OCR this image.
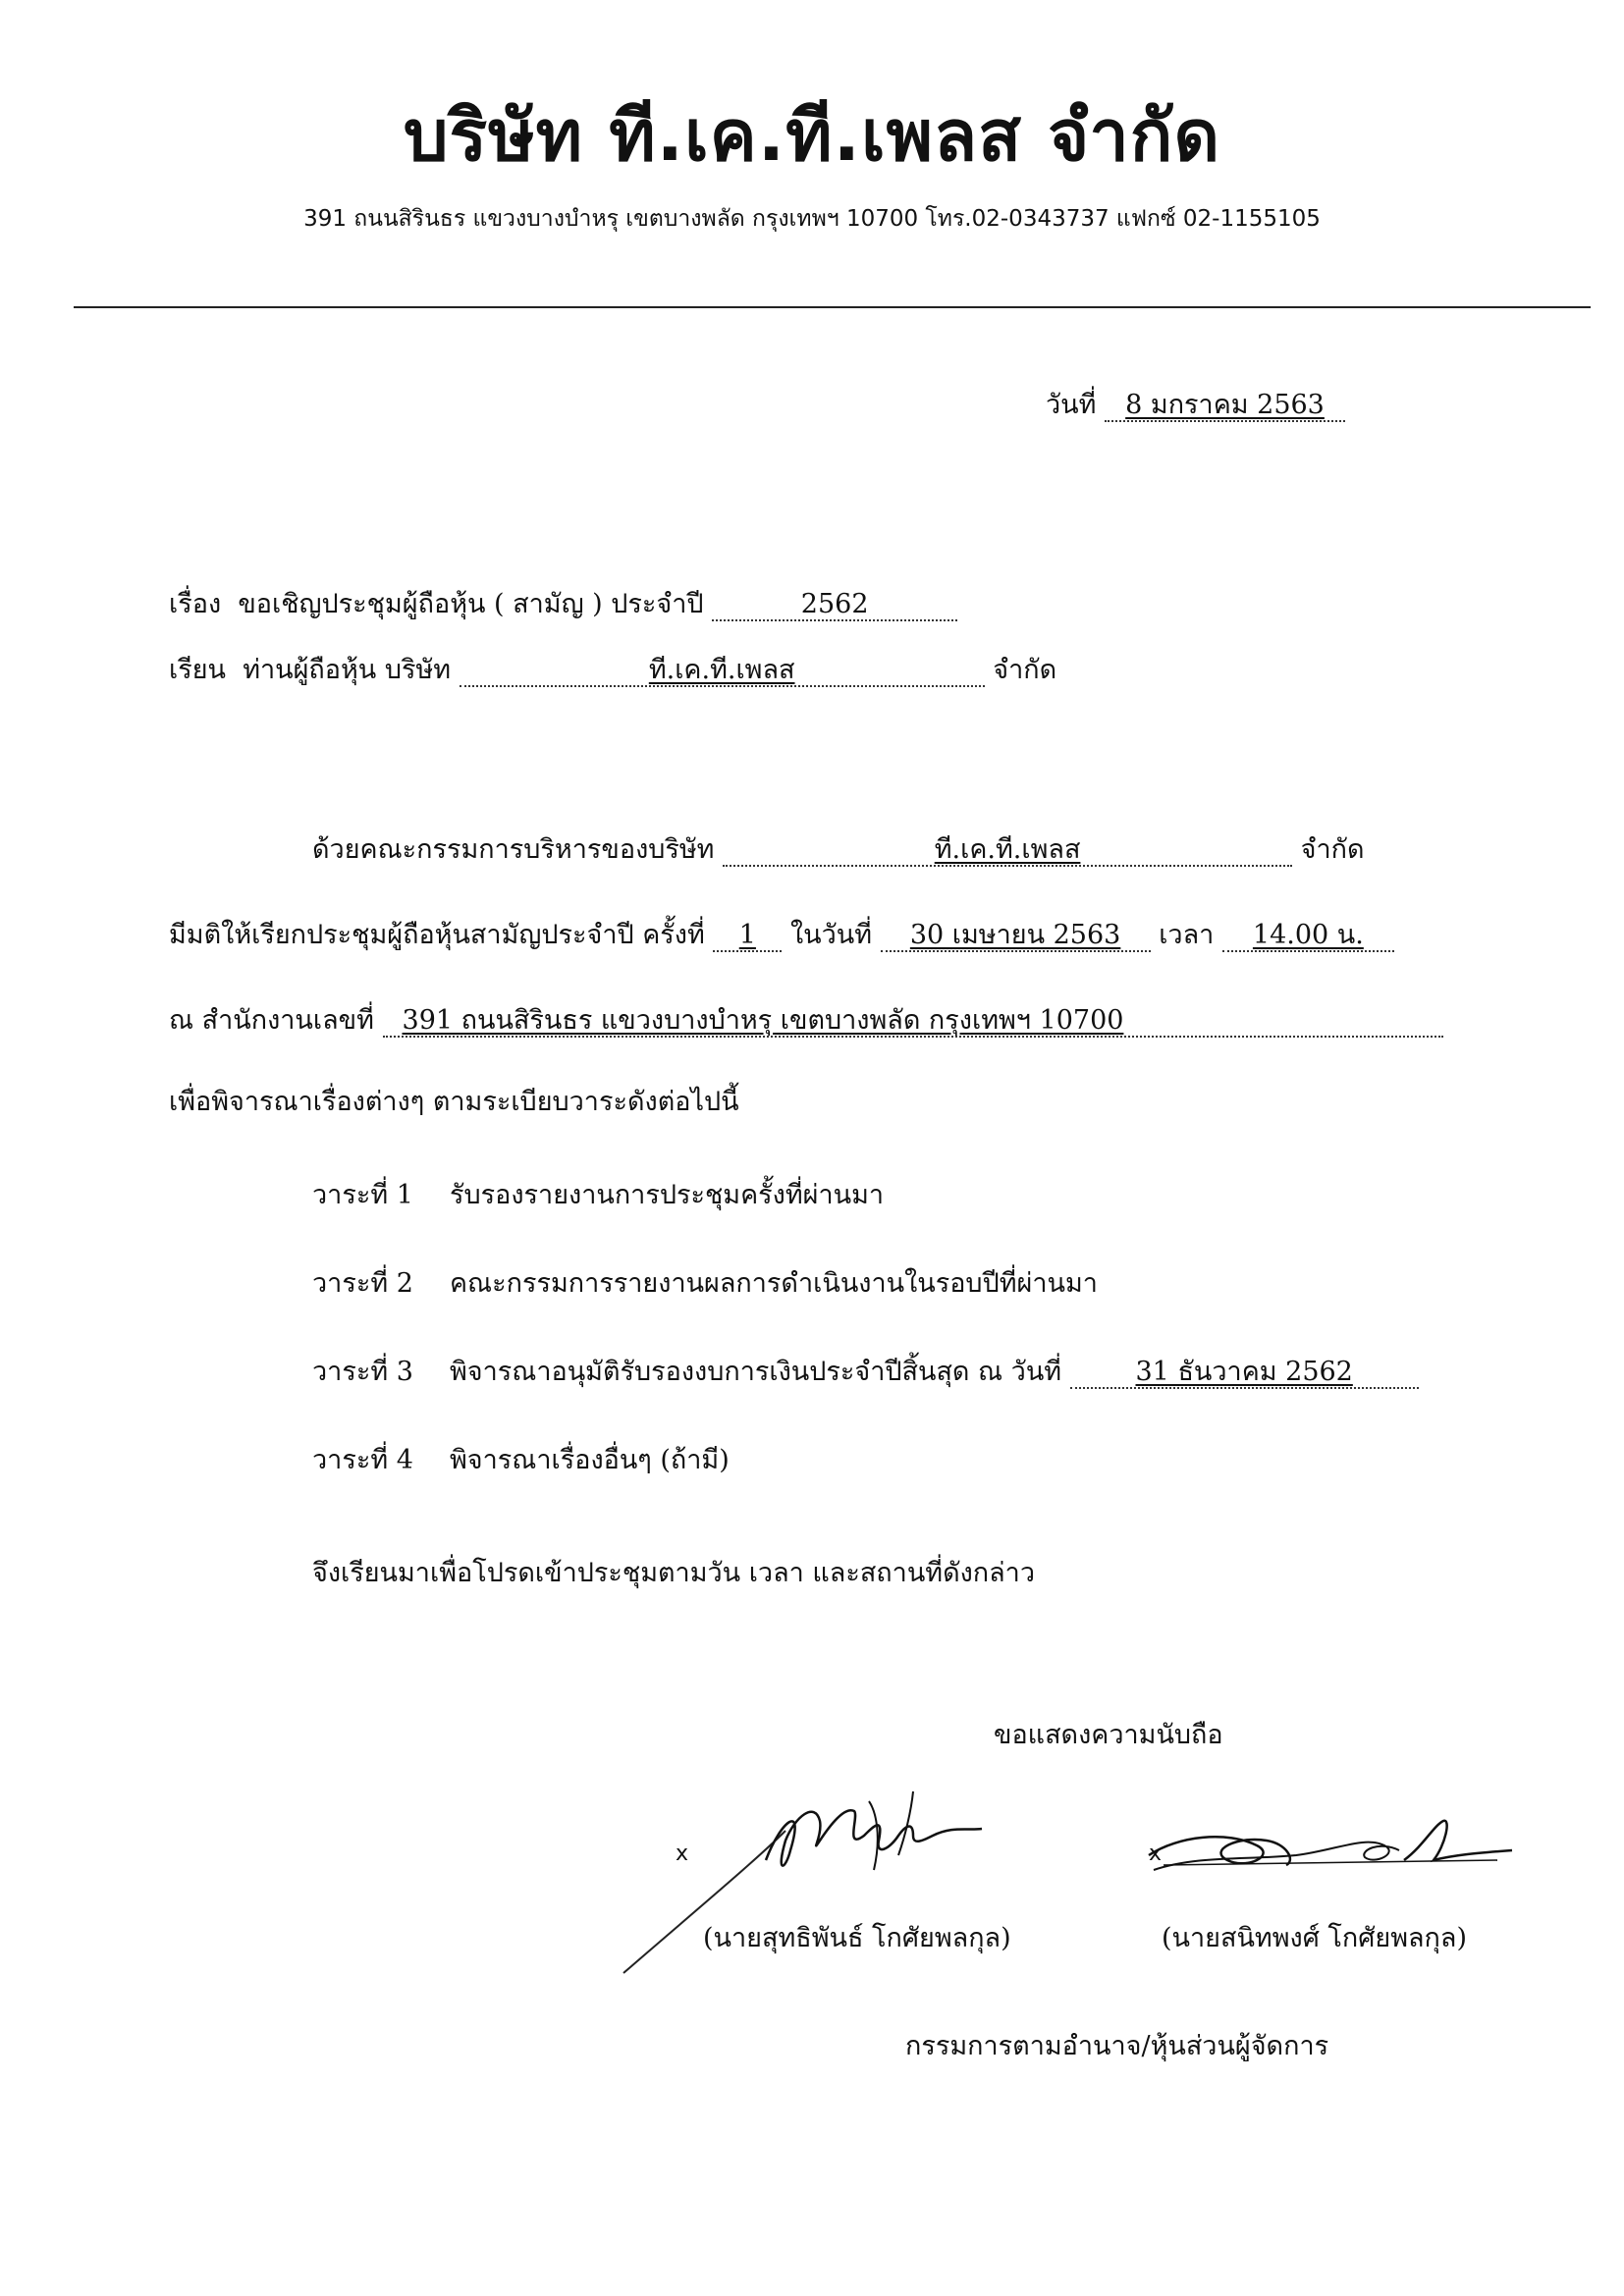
บริษัท ที.เค.ที.เพลส จำกัด
391 ถนนสิรินธร แขวงบางบำหรุ เขตบางพลัด กรุงเทพฯ 10700 โทร.02-0343737 แฟกซ์ 02-1155105
วันที่ 8 มกราคม 2563
เรื่อง ขอเชิญประชุมผู้ถือหุ้น ( สามัญ ) ประจำปี	2562
เรียน ท่านผู้ถือหุ้น บริษัท	ที.เค.ที.เพลส	จำกัด
ด้วยคณะกรรมการบริหารของบริษัท	ที.เค.ที.เพลส	จำกัด
มีมติให้เรียกประชุมผู้ถือหุ้นสามัญประจำปี ครั้งที่ 1 ในวันที่ 30 เมษายน 2563 เวลา 14.00 น.
ณ สำนักงานเลขที่ 391 ถนนสิรินธร แขวงบางบำหรุ เขตบางพลัด กรุงเทพฯ 10700
เพื่อพิจารณาเรื่องต่างๆ ตามระเบียบวาระดังต่อไปนี้
วาระที่ 1 รับรองรายงานการประชุมครั้งที่ผ่านมา
วาระที่ 2 คณะกรรมการรายงานผลการดำเนินงานในรอบปีที่ผ่านมา
วาระที่ 3 พิจารณาอนุมัติรับรองงบการเงินประจำปีสิ้นสุด ณ วันที่	31 ธันวาคม 2562
วาระที่ 4 พิจารณาเรื่องอื่นๆ (ถ้ามี)
จึงเรียนมาเพื่อโปรดเข้าประชุมตามวัน เวลา และสถานที่ดังกล่าว
ขอแสดงความนับถือ
x
(นายสุทธิพันธ์ โกศัยพลกุล)
x
(นายสนิทพงศ์ โกศัยพลกุล)
กรรมการตามอำนาจ/หุ้นส่วนผู้จัดการ
